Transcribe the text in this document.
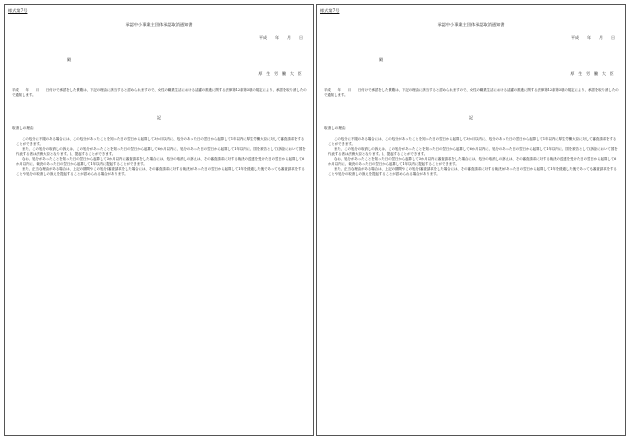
様式第7号
承認中小事業主団体承認取消通知書
平成　　年　　月　　日
殿
厚 生 労 働 大 臣
平成　　年　　月　　日付けで承認をした貴殿は、下記の理由に該当すると認められますので、女性の職業生活における活躍の推進に関する法律第12条第3項の規定により、承認を取り消したので通知します。
記
取消しの理由

この処分に不服のある場合には、この処分があったことを知った日の翌日から起算して3か月以内に、処分のあった日の翌日から起算して1年以内に厚生労働大臣に対して審査請求をすることができます。

また、この処分の取消しの訴えは、この処分があったことを知った日の翌日から起算して6か月以内に、処分のあった日の翌日から起算して1年以内に、国を被告として(訴訟において国を代表する者は法務大臣となります。)、提起することができます。

なお、処分があったことを知った日の翌日から起算して3か月以内に審査請求をした場合には、処分の取消しの訴えは、その審査請求に対する裁決の送達を受けた日の翌日から起算して6か月以内に、裁決のあった日の翌日から起算して1年以内に提起することができます。

また、正当な理由がある場合は、上記の期間やこの処分(審査請求をした場合には、その審査請求に対する裁決)があった日の翌日から起算して1年を経過した後であっても審査請求をすることや処分の取消しの訴えを提起することが認められる場合があります。

様式第7号
承認中小事業主団体承認取消通知書
平成　　年　　月　　日
殿
厚 生 労 働 大 臣
平成　　年　　月　　日付けで承認をした貴殿は、下記の理由に該当すると認められますので、女性の職業生活における活躍の推進に関する法律第12条第3項の規定により、承認を取り消したので通知します。
記
取消しの理由

この処分に不服のある場合には、この処分があったことを知った日の翌日から起算して3か月以内に、処分のあった日の翌日から起算して1年以内に厚生労働大臣に対して審査請求をすることができます。

また、この処分の取消しの訴えは、この処分があったことを知った日の翌日から起算して6か月以内に、処分のあった日の翌日から起算して1年以内に、国を被告として(訴訟において国を代表する者は法務大臣となります。)、提起することができます。

なお、処分があったことを知った日の翌日から起算して3か月以内に審査請求をした場合には、処分の取消しの訴えは、その審査請求に対する裁決の送達を受けた日の翌日から起算して6か月以内に、裁決のあった日の翌日から起算して1年以内に提起することができます。

また、正当な理由がある場合は、上記の期間やこの処分(審査請求をした場合には、その審査請求に対する裁決)があった日の翌日から起算して1年を経過した後であっても審査請求をすることや処分の取消しの訴えを提起することが認められる場合があります。
